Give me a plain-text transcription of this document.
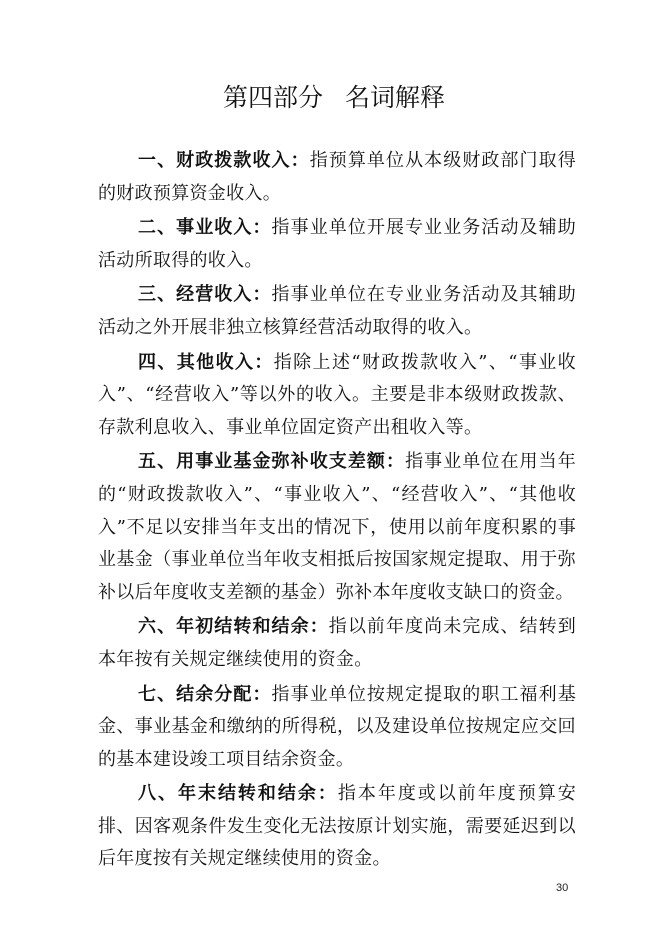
第四部分 名词解释

一、财政拨款收入：指预算单位从本级财政部门取得的财政预算资金收入。

二、事业收入：指事业单位开展专业业务活动及辅助活动所取得的收入。

三、经营收入：指事业单位在专业业务活动及其辅助活动之外开展非独立核算经营活动取得的收入。

四、其他收入：指除上述“财政拨款收入”、“事业收入”、“经营收入”等以外的收入。主要是非本级财政拨款、存款利息收入、事业单位固定资产出租收入等。

五、用事业基金弥补收支差额：指事业单位在用当年的“财政拨款收入”、“事业收入”、“经营收入”、“其他收入”不足以安排当年支出的情况下，使用以前年度积累的事业基金（事业单位当年收支相抵后按国家规定提取、用于弥补以后年度收支差额的基金）弥补本年度收支缺口的资金。

六、年初结转和结余：指以前年度尚未完成、结转到本年按有关规定继续使用的资金。

七、结余分配：指事业单位按规定提取的职工福利基金、事业基金和缴纳的所得税，以及建设单位按规定应交回的基本建设竣工项目结余资金。

八、年末结转和结余：指本年度或以前年度预算安排、因客观条件发生变化无法按原计划实施，需要延迟到以后年度按有关规定继续使用的资金。

30
